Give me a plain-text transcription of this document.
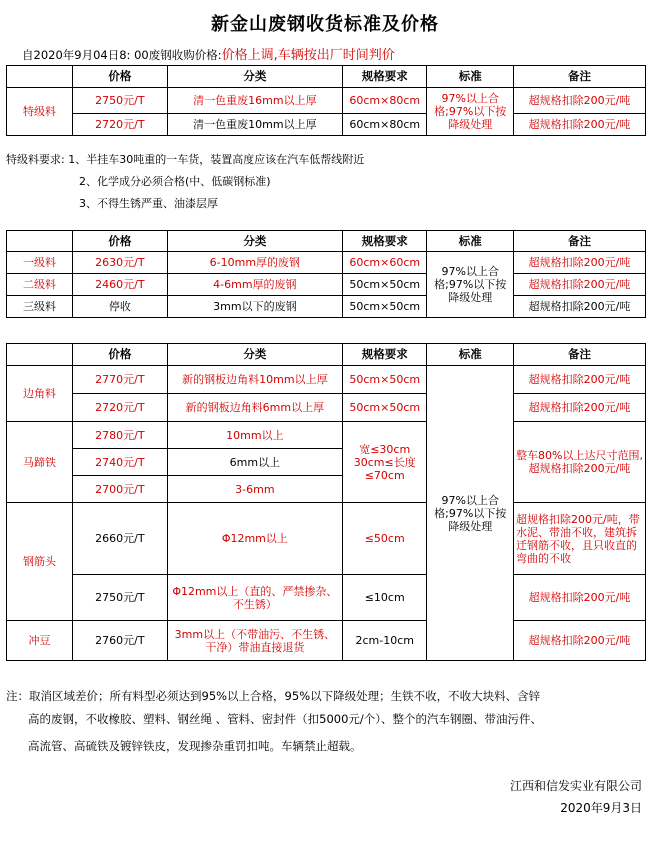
新金山废钢收货标准及价格
自2020年9月04日8: 00废钢收购价格:价格上调,车辆按出厂时间判价
	价格	分类	规格要求	标准	备注
特级料	2750元/T	清一色重废16mm以上厚	60cm×80cm	97%以上合格;97%以下按降级处理	超规格扣除200元/吨
	2720元/T	清一色重废10mm以上厚	60cm×80cm		超规格扣除200元/吨
特级料要求: 1、半挂车30吨重的一车货，装置高度应该在汽车低帮线附近
2、化学成分必须合格(中、低碳钢标准)
3、不得生锈严重、油漆层厚
	价格	分类	规格要求	标准	备注
一级料	2630元/T	6-10mm厚的废钢	60cm×60cm	97%以上合格;97%以下按降级处理	超规格扣除200元/吨
二级料	2460元/T	4-6mm厚的废钢	50cm×50cm		超规格扣除200元/吨
三级料	停收	3mm以下的废钢	50cm×50cm		超规格扣除200元/吨
	价格	分类	规格要求	标准	备注
边角料	2770元/T	新的钢板边角料10mm以上厚	50cm×50cm	97%以上合格;97%以下按降级处理	超规格扣除200元/吨
	2720元/T	新的钢板边角料6mm以上厚	50cm×50cm		超规格扣除200元/吨
马蹄铁	2780元/T	10mm以上	宽≤30cm 30cm≤长度≤70cm		整车80%以上达尺寸范围,超规格扣除200元/吨
	2740元/T	6mm以上			
	2700元/T	3-6mm			
钢筋头	2660元/T	Φ12mm以上	≤50cm		超规格扣除200元/吨，带水泥、带油不收，建筑拆迁钢筋不收，且只收直的弯曲的不收
	2750元/T	Φ12mm以上（直的、严禁掺杂、不生锈）	≤10cm		超规格扣除200元/吨
冲豆	2760元/T	3mm以上（不带油污、不生锈、干净）带油直接退货	2cm-10cm		超规格扣除200元/吨
注：取消区域差价；所有料型必须达到95%以上合格，95%以下降级处理；生铁不收，不收大块料、含锌
高的废钢，不收橡胶、塑料、钢丝绳 、管料、密封件（扣5000元/个）、整个的汽车钢圈、带油污件、
高流管、高硫铁及镀锌铁皮，发现掺杂重罚扣吨。车辆禁止超载。
江西和信发实业有限公司
2020年9月3日
